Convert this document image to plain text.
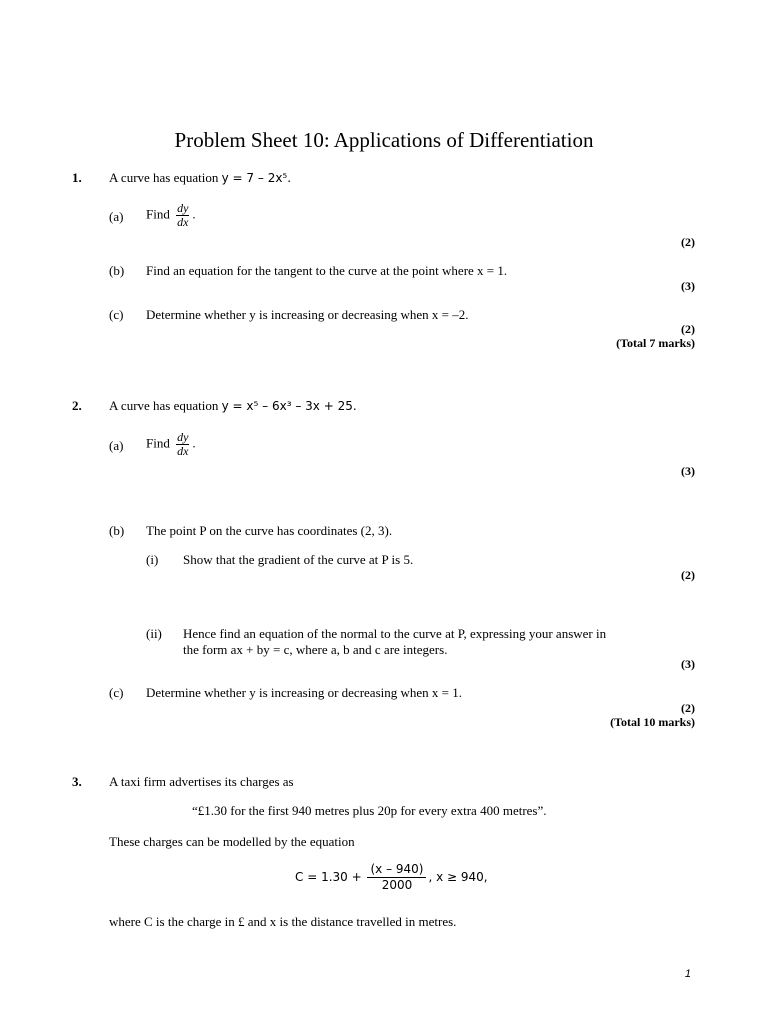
Problem Sheet 10: Applications of Differentiation
1. A curve has equation y = 7 – 2x⁵.
(a) Find $\frac{dy}{dx}$ .
(2)
(b) Find an equation for the tangent to the curve at the point where x = 1.
(3)
(c) Determine whether y is increasing or decreasing when x = –2.
(2)
(Total 7 marks)
2. A curve has equation y = x⁵ – 6x³ – 3x + 25.
(a) Find $\frac{dy}{dx}$ .
(3)
(b) The point P on the curve has coordinates (2, 3).
(i) Show that the gradient of the curve at P is 5.
(2)
(ii) Hence find an equation of the normal to the curve at P, expressing your answer in
the form ax + by = c, where a, b and c are integers.
(3)
(c) Determine whether y is increasing or decreasing when x = 1.
(2)
(Total 10 marks)
3. A taxi firm advertises its charges as
“£1.30 for the first 940 metres plus 20p for every extra 400 metres”.
These charges can be modelled by the equation
$C = 1.30 + \frac{(x - 940)}{2000}$ , x ≥ 940,
where C is the charge in £ and x is the distance travelled in metres.
1
